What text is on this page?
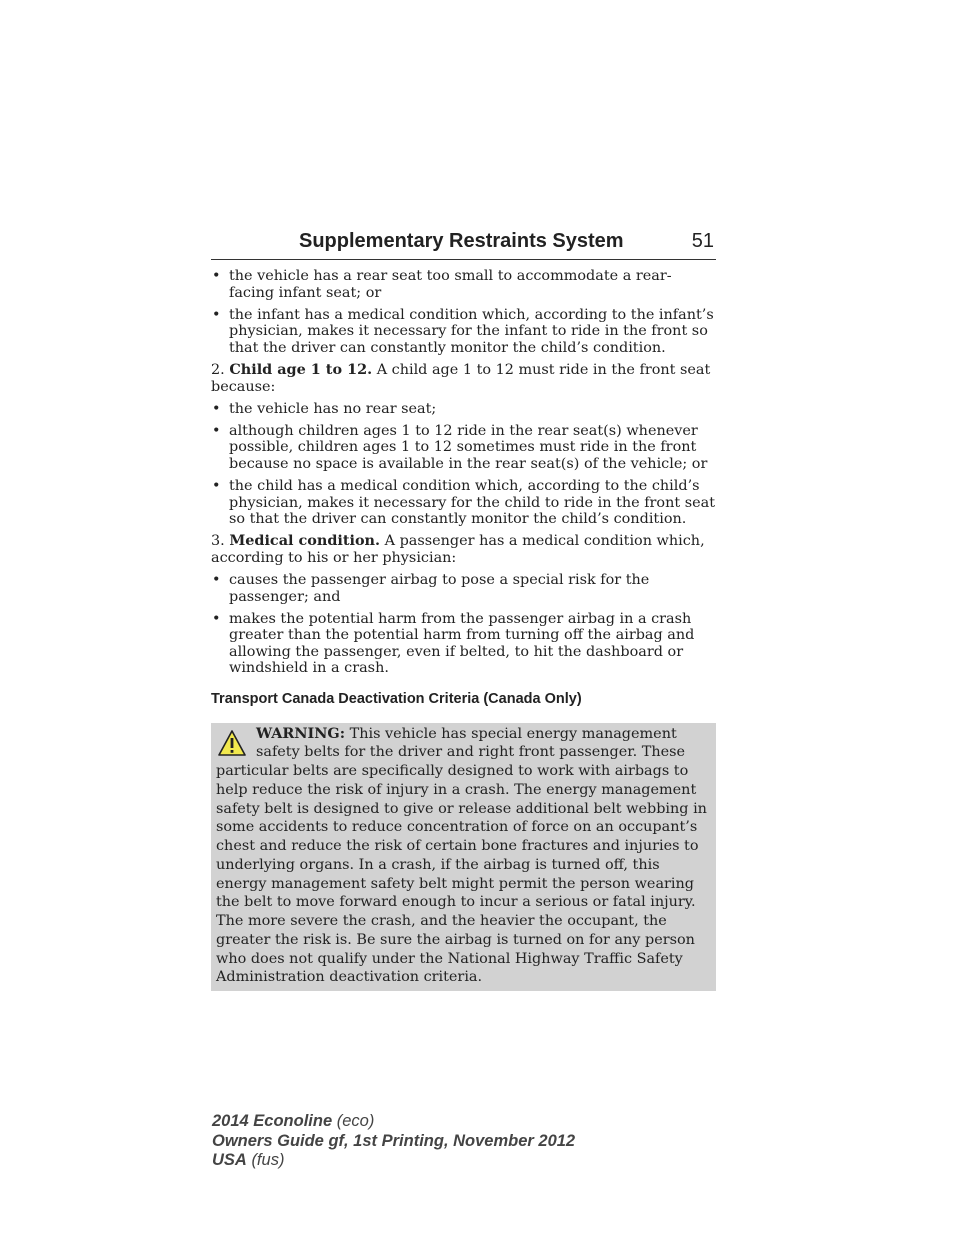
Supplementary Restraints System	51
• the vehicle has a rear seat too small to accommodate a rear-facing infant seat; or
• the infant has a medical condition which, according to the infant’s physician, makes it necessary for the infant to ride in the front so that the driver can constantly monitor the child’s condition.
2. Child age 1 to 12. A child age 1 to 12 must ride in the front seat because:
• the vehicle has no rear seat;
• although children ages 1 to 12 ride in the rear seat(s) whenever possible, children ages 1 to 12 sometimes must ride in the front because no space is available in the rear seat(s) of the vehicle; or
• the child has a medical condition which, according to the child’s physician, makes it necessary for the child to ride in the front seat so that the driver can constantly monitor the child’s condition.
3. Medical condition. A passenger has a medical condition which, according to his or her physician:
• causes the passenger airbag to pose a special risk for the passenger; and
• makes the potential harm from the passenger airbag in a crash greater than the potential harm from turning off the airbag and allowing the passenger, even if belted, to hit the dashboard or windshield in a crash.
Transport Canada Deactivation Criteria (Canada Only)
WARNING: This vehicle has special energy management safety belts for the driver and right front passenger. These particular belts are specifically designed to work with airbags to help reduce the risk of injury in a crash. The energy management safety belt is designed to give or release additional belt webbing in some accidents to reduce concentration of force on an occupant’s chest and reduce the risk of certain bone fractures and injuries to underlying organs. In a crash, if the airbag is turned off, this energy management safety belt might permit the person wearing the belt to move forward enough to incur a serious or fatal injury. The more severe the crash, and the heavier the occupant, the greater the risk is. Be sure the airbag is turned on for any person who does not qualify under the National Highway Traffic Safety Administration deactivation criteria.
2014 Econoline (eco)
Owners Guide gf, 1st Printing, November 2012
USA (fus)
